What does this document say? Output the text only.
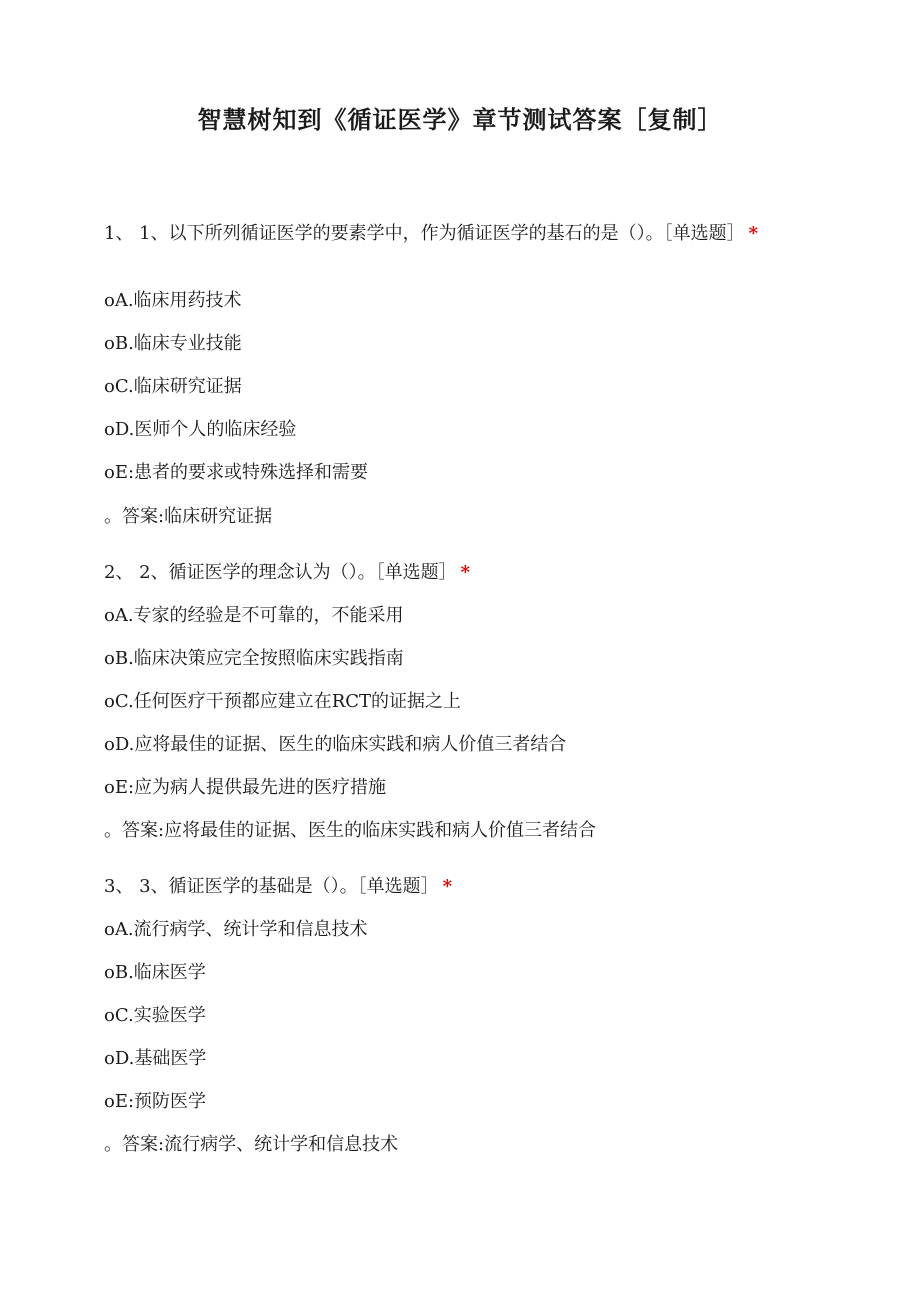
智慧树知到《循证医学》章节测试答案［复制］
1、 1、以下所列循证医学的要素学中，作为循证医学的基石的是（）。［单选题］ *
oA.临床用药技术
oB.临床专业技能
oC.临床研究证据
oD.医师个人的临床经验
oE:患者的要求或特殊选择和需要
。答案:临床研究证据
2、 2、循证医学的理念认为（）。［单选题］ *
oA.专家的经验是不可靠的，不能采用
oB.临床决策应完全按照临床实践指南
oC.任何医疗干预都应建立在RCT的证据之上
oD.应将最佳的证据、医生的临床实践和病人价值三者结合
oE:应为病人提供最先进的医疗措施
。答案:应将最佳的证据、医生的临床实践和病人价值三者结合
3、 3、循证医学的基础是（）。［单选题］ *
oA.流行病学、统计学和信息技术
oB.临床医学
oC.实验医学
oD.基础医学
oE:预防医学
。答案:流行病学、统计学和信息技术
